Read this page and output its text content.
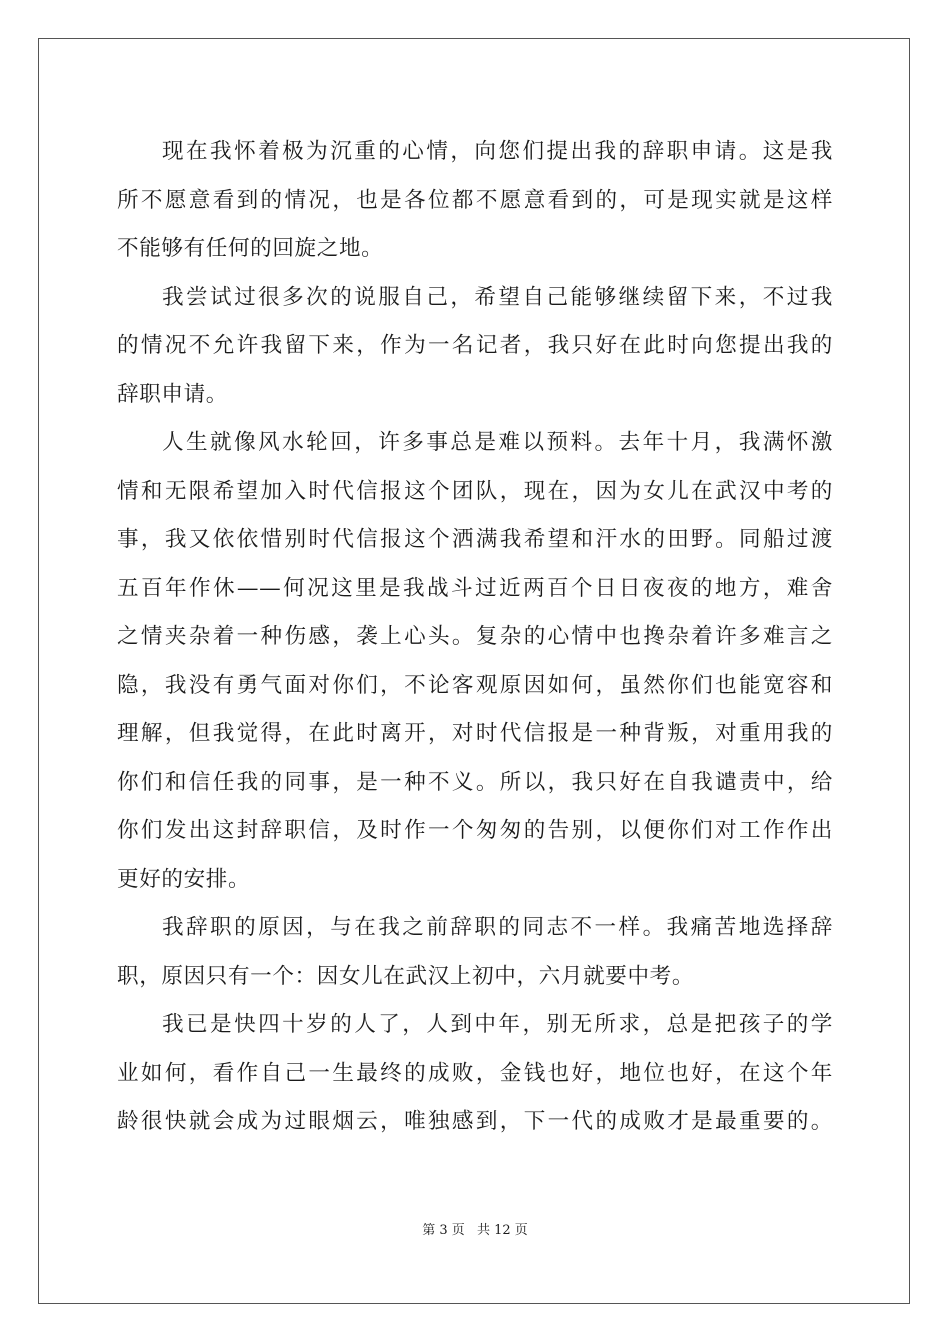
现在我怀着极为沉重的心情，向您们提出我的辞职申请。这是我
所不愿意看到的情况，也是各位都不愿意看到的，可是现实就是这样
不能够有任何的回旋之地。
我尝试过很多次的说服自己，希望自己能够继续留下来，不过我
的情况不允许我留下来，作为一名记者，我只好在此时向您提出我的
辞职申请。
人生就像风水轮回，许多事总是难以预料。去年十月，我满怀激
情和无限希望加入时代信报这个团队，现在，因为女儿在武汉中考的
事，我又依依惜别时代信报这个洒满我希望和汗水的田野。同船过渡
五百年作休——何况这里是我战斗过近两百个日日夜夜的地方，难舍
之情夹杂着一种伤感，袭上心头。复杂的心情中也搀杂着许多难言之
隐，我没有勇气面对你们，不论客观原因如何，虽然你们也能宽容和
理解，但我觉得，在此时离开，对时代信报是一种背叛，对重用我的
你们和信任我的同事，是一种不义。所以，我只好在自我谴责中，给
你们发出这封辞职信，及时作一个匆匆的告别，以便你们对工作作出
更好的安排。
我辞职的原因，与在我之前辞职的同志不一样。我痛苦地选择辞
职，原因只有一个：因女儿在武汉上初中，六月就要中考。
我已是快四十岁的人了，人到中年，别无所求，总是把孩子的学
业如何，看作自己一生最终的成败，金钱也好，地位也好，在这个年
龄很快就会成为过眼烟云，唯独感到，下一代的成败才是最重要的。
第 3 页 共 12 页
